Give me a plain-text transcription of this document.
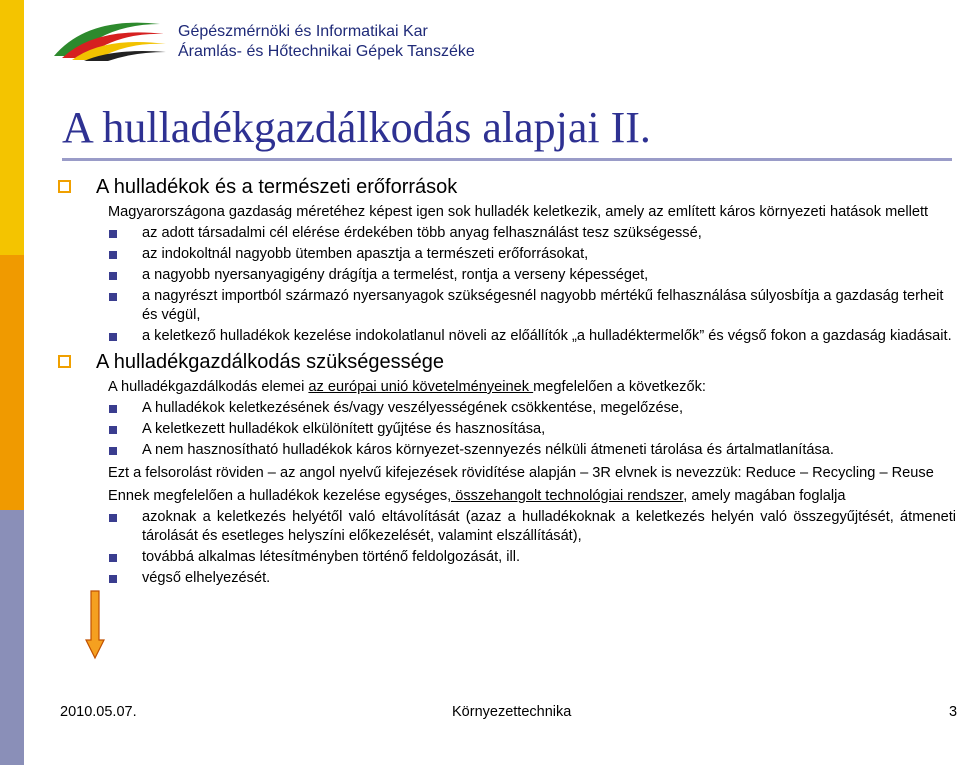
Gépészmérnöki és Informatikai Kar
Áramlás- és Hőtechnikai Gépek Tanszéke
A hulladékgazdálkodás alapjai II.
A hulladékok és a természeti erőforrások

Magyarországona gazdaság méretéhez képest igen sok hulladék keletkezik, amely az említett káros környezeti hatások mellett

az adott társadalmi cél elérése érdekében több anyag felhasználást tesz szükségessé,
az indokoltnál nagyobb ütemben apasztja a természeti erőforrásokat,
a nagyobb nyersanyagigény drágítja a termelést, rontja a verseny képességet,
a nagyrészt importból származó nyersanyagok szükségesnél nagyobb mértékű felhasználása súlyosbítja a gazdaság terheit és végül,
a keletkező hulladékok kezelése indokolatlanul növeli az előállítók „a hulladéktermelők” és végső fokon a gazdaság kiadásait.
A hulladékgazdálkodás szükségessége

A hulladékgazdálkodás elemei az európai unió követelményeinek megfelelően a következők:

A hulladékok keletkezésének és/vagy veszélyességének csökkentése, megelőzése,
A keletkezett hulladékok elkülönített gyűjtése és hasznosítása,
A nem hasznosítható hulladékok káros környezet-szennyezés nélküli átmeneti tárolása és ártalmatlanítása.

Ezt a felsorolást röviden – az angol nyelvű kifejezések rövidítése alapján – 3R elvnek is nevezzük: Reduce – Recycling – Reuse

Ennek megfelelően a hulladékok kezelése egységes, összehangolt technológiai rendszer, amely magában foglalja

azoknak a keletkezés helyétől való eltávolítását (azaz a hulladékoknak a keletkezés helyén való összegyűjtését, átmeneti tárolását és esetleges helyszíni előkezelését, valamint elszállítását),
továbbá alkalmas létesítményben történő feldolgozását, ill.
végső elhelyezését.
2010.05.07.	Környezettechnika	3
